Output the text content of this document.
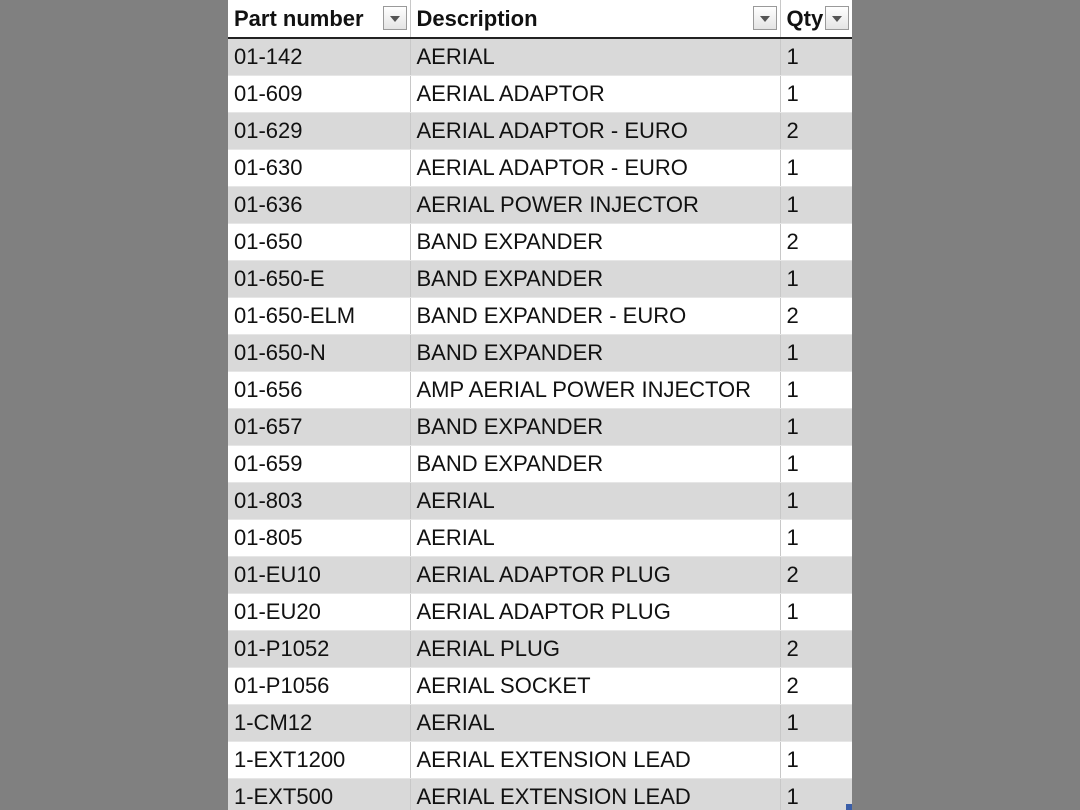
Part number	Description	Qty

01-142	AERIAL	1
01-609	AERIAL ADAPTOR	1
01-629	AERIAL ADAPTOR - EURO	2
01-630	AERIAL ADAPTOR - EURO	1
01-636	AERIAL POWER INJECTOR	1
01-650	BAND EXPANDER	2
01-650-E	BAND EXPANDER	1
01-650-ELM	BAND EXPANDER - EURO	2
01-650-N	BAND EXPANDER	1
01-656	AMP AERIAL POWER INJECTOR	1
01-657	BAND EXPANDER	1
01-659	BAND EXPANDER	1
01-803	AERIAL	1
01-805	AERIAL	1
01-EU10	AERIAL ADAPTOR PLUG	2
01-EU20	AERIAL ADAPTOR PLUG	1
01-P1052	AERIAL PLUG	2
01-P1056	AERIAL SOCKET	2
1-CM12	AERIAL	1
1-EXT1200	AERIAL EXTENSION LEAD	1
1-EXT500	AERIAL EXTENSION LEAD	1
